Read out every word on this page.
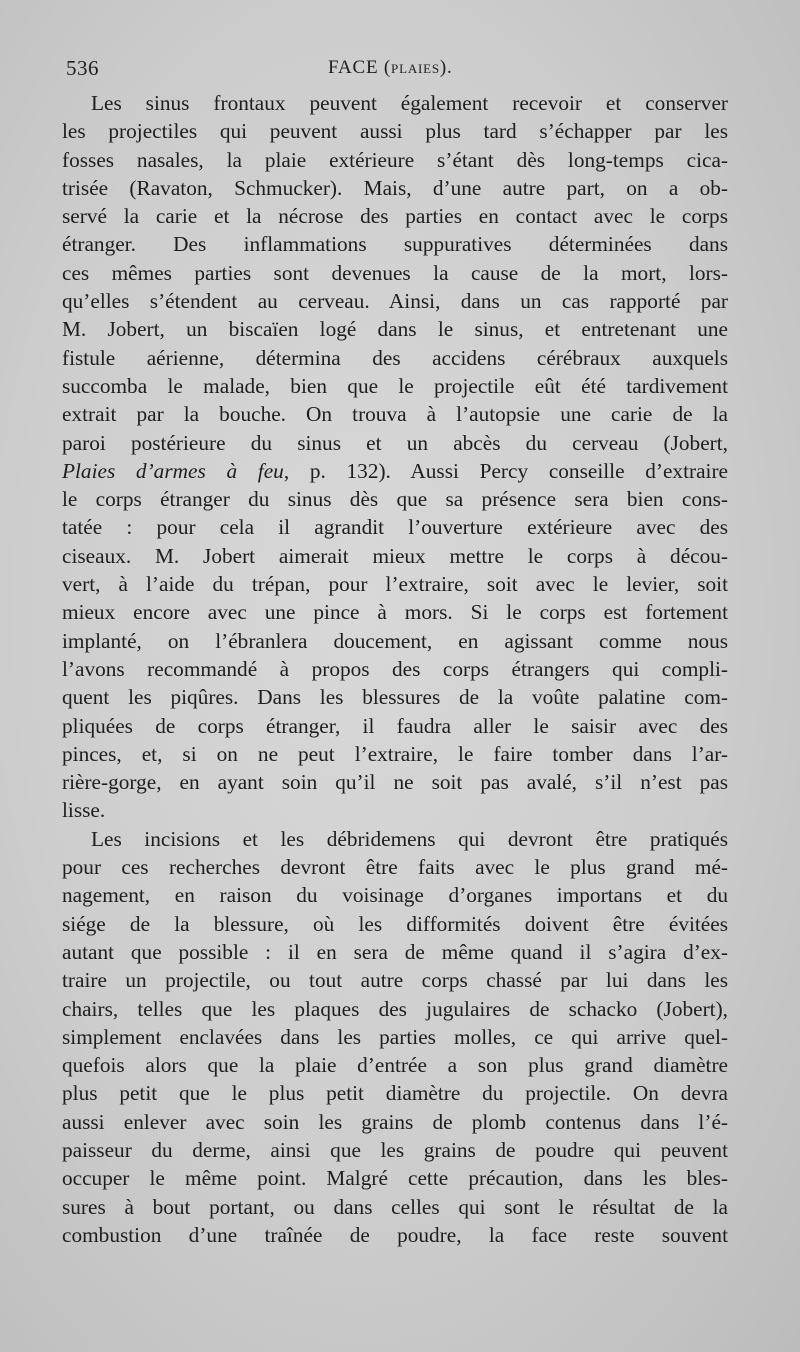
536	FACE (plaies).
Les sinus frontaux peuvent également recevoir et conserver
les projectiles qui peuvent aussi plus tard s’échapper par les
fosses nasales, la plaie extérieure s’étant dès long-temps cica-
trisée (Ravaton, Schmucker). Mais, d’une autre part, on a ob-
servé la carie et la nécrose des parties en contact avec le corps
étranger. Des inflammations suppuratives déterminées dans
ces mêmes parties sont devenues la cause de la mort, lors-
qu’elles s’étendent au cerveau. Ainsi, dans un cas rapporté par
M. Jobert, un biscaïen logé dans le sinus, et entretenant une
fistule aérienne, détermina des accidens cérébraux auxquels
succomba le malade, bien que le projectile eût été tardivement
extrait par la bouche. On trouva à l’autopsie une carie de la
paroi postérieure du sinus et un abcès du cerveau (Jobert,
Plaies d’armes à feu, p. 132). Aussi Percy conseille d’extraire
le corps étranger du sinus dès que sa présence sera bien cons-
tatée : pour cela il agrandit l’ouverture extérieure avec des
ciseaux. M. Jobert aimerait mieux mettre le corps à décou-
vert, à l’aide du trépan, pour l’extraire, soit avec le levier, soit
mieux encore avec une pince à mors. Si le corps est fortement
implanté, on l’ébranlera doucement, en agissant comme nous
l’avons recommandé à propos des corps étrangers qui compli-
quent les piqûres. Dans les blessures de la voûte palatine com-
pliquées de corps étranger, il faudra aller le saisir avec des
pinces, et, si on ne peut l’extraire, le faire tomber dans l’ar-
rière-gorge, en ayant soin qu’il ne soit pas avalé, s’il n’est pas
lisse.
Les incisions et les débridemens qui devront être pratiqués
pour ces recherches devront être faits avec le plus grand mé-
nagement, en raison du voisinage d’organes importans et du
siége de la blessure, où les difformités doivent être évitées
autant que possible : il en sera de même quand il s’agira d’ex-
traire un projectile, ou tout autre corps chassé par lui dans les
chairs, telles que les plaques des jugulaires de schacko (Jobert),
simplement enclavées dans les parties molles, ce qui arrive quel-
quefois alors que la plaie d’entrée a son plus grand diamètre
plus petit que le plus petit diamètre du projectile. On devra
aussi enlever avec soin les grains de plomb contenus dans l’é-
paisseur du derme, ainsi que les grains de poudre qui peuvent
occuper le même point. Malgré cette précaution, dans les bles-
sures à bout portant, ou dans celles qui sont le résultat de la
combustion d’une traînée de poudre, la face reste souvent
